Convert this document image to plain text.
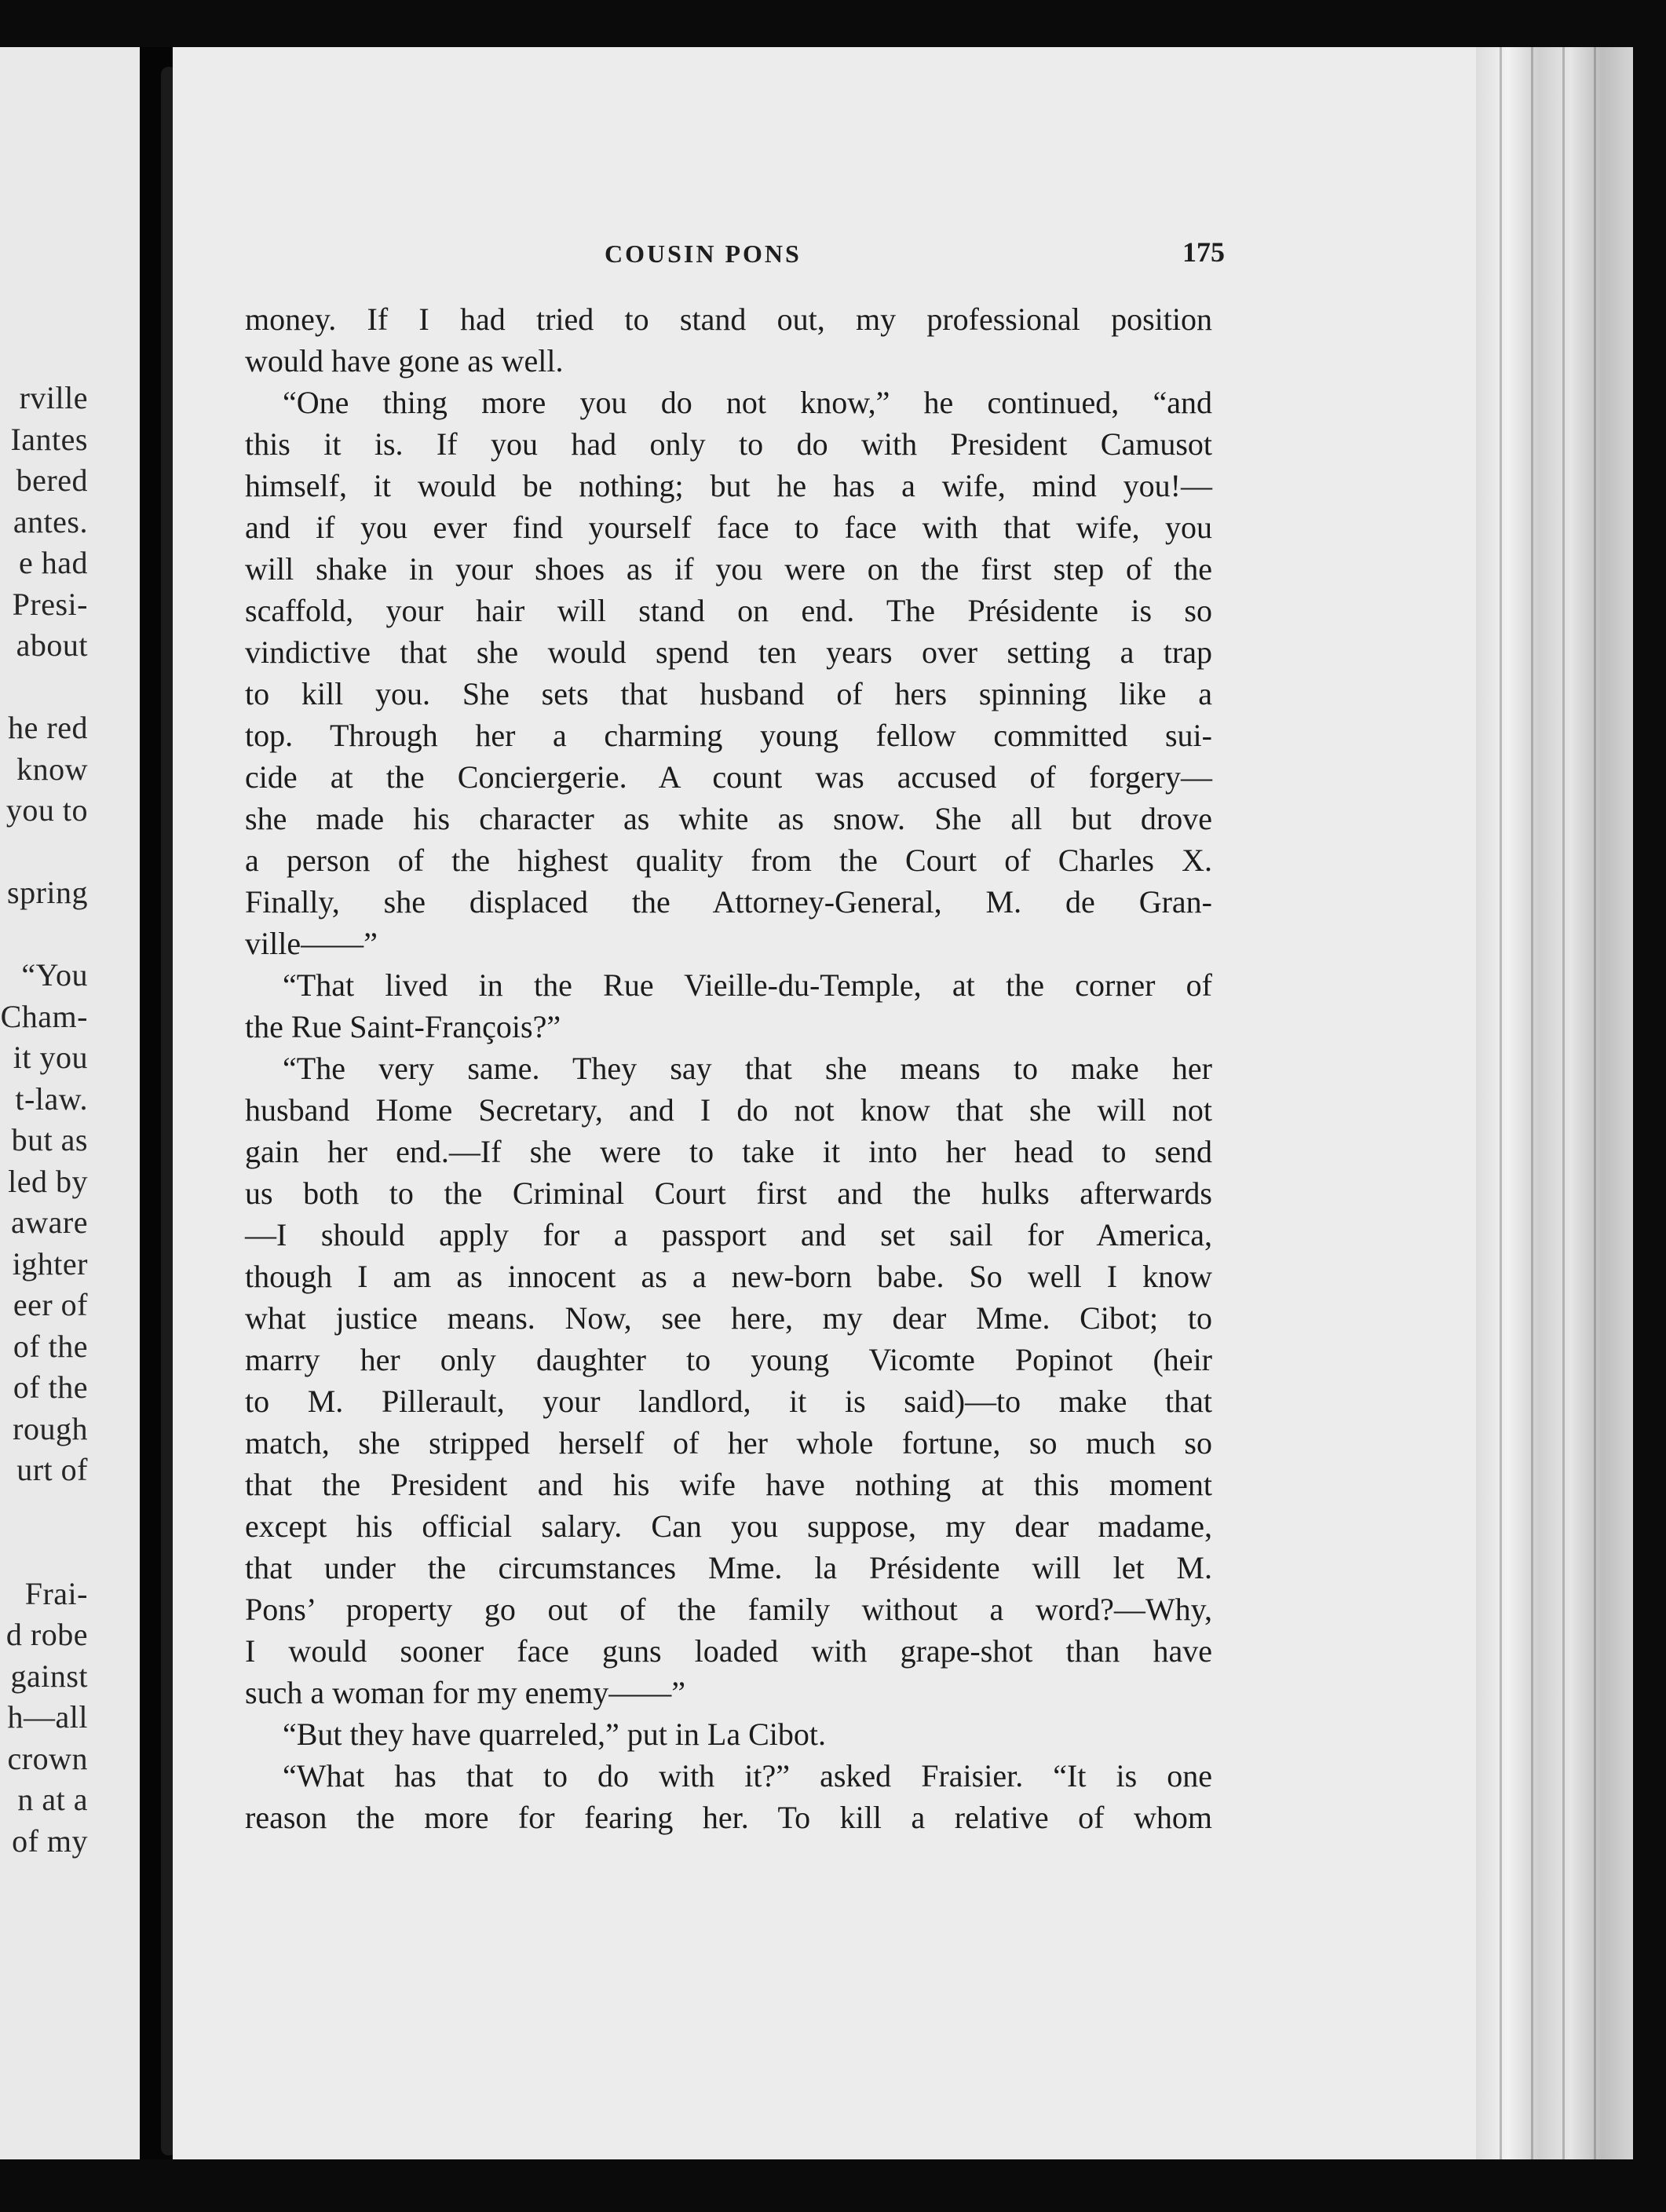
rville
Iantes
bered
antes.
e had
Presi-
about
he red
know
you to
spring
“You
Cham-
it you
t-law.
but as
led by
aware
ighter
eer of
of the
of the
rough
urt of
Frai-
d robe
gainst
h—all
crown
n at a
of my
COUSIN PONS	175
money. If I had tried to stand out, my professional position
would have gone as well.
“One thing more you do not know,” he continued, “and
this it is. If you had only to do with President Camusot
himself, it would be nothing; but he has a wife, mind you!—
and if you ever find yourself face to face with that wife, you
will shake in your shoes as if you were on the first step of the
scaffold, your hair will stand on end. The Présidente is so
vindictive that she would spend ten years over setting a trap
to kill you. She sets that husband of hers spinning like a
top. Through her a charming young fellow committed sui-
cide at the Conciergerie. A count was accused of forgery—
she made his character as white as snow. She all but drove
a person of the highest quality from the Court of Charles X.
Finally, she displaced the Attorney-General, M. de Gran-
ville——”
“That lived in the Rue Vieille-du-Temple, at the corner of
the Rue Saint-François?”
“The very same. They say that she means to make her
husband Home Secretary, and I do not know that she will not
gain her end.—If she were to take it into her head to send
us both to the Criminal Court first and the hulks afterwards
—I should apply for a passport and set sail for America,
though I am as innocent as a new-born babe. So well I know
what justice means. Now, see here, my dear Mme. Cibot; to
marry her only daughter to young Vicomte Popinot (heir
to M. Pillerault, your landlord, it is said)—to make that
match, she stripped herself of her whole fortune, so much so
that the President and his wife have nothing at this moment
except his official salary. Can you suppose, my dear madame,
that under the circumstances Mme. la Présidente will let M.
Pons’ property go out of the family without a word?—Why,
I would sooner face guns loaded with grape-shot than have
such a woman for my enemy——”
“But they have quarreled,” put in La Cibot.
“What has that to do with it?” asked Fraisier. “It is one
reason the more for fearing her. To kill a relative of whom
